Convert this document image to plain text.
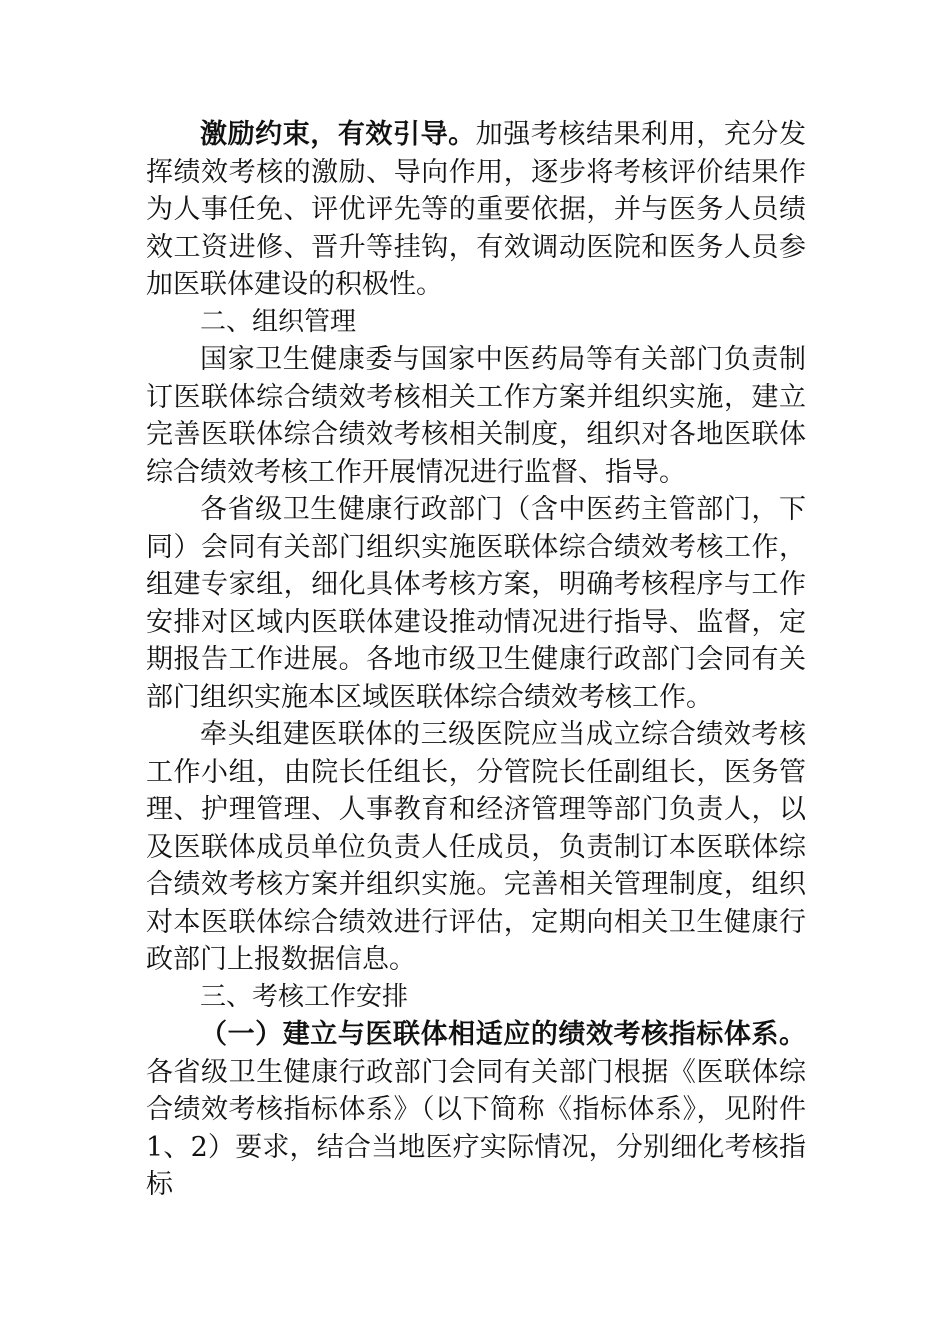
激励约束，有效引导。加强考核结果利用，充分发挥绩效考核的激励、导向作用，逐步将考核评价结果作为人事任免、评优评先等的重要依据，并与医务人员绩效工资进修、晋升等挂钩，有效调动医院和医务人员参加医联体建设的积极性。

二、组织管理

国家卫生健康委与国家中医药局等有关部门负责制订医联体综合绩效考核相关工作方案并组织实施，建立完善医联体综合绩效考核相关制度，组织对各地医联体综合绩效考核工作开展情况进行监督、指导。

各省级卫生健康行政部门（含中医药主管部门，下同）会同有关部门组织实施医联体综合绩效考核工作，组建专家组，细化具体考核方案，明确考核程序与工作安排对区域内医联体建设推动情况进行指导、监督，定期报告工作进展。各地市级卫生健康行政部门会同有关部门组织实施本区域医联体综合绩效考核工作。

牵头组建医联体的三级医院应当成立综合绩效考核工作小组，由院长任组长，分管院长任副组长，医务管理、护理管理、人事教育和经济管理等部门负责人，以及医联体成员单位负责人任成员，负责制订本医联体综合绩效考核方案并组织实施。完善相关管理制度，组织对本医联体综合绩效进行评估，定期向相关卫生健康行政部门上报数据信息。

三、考核工作安排

（一）建立与医联体相适应的绩效考核指标体系。各省级卫生健康行政部门会同有关部门根据《医联体综合绩效考核指标体系》（以下简称《指标体系》，见附件1、2）要求，结合当地医疗实际情况，分别细化考核指标
